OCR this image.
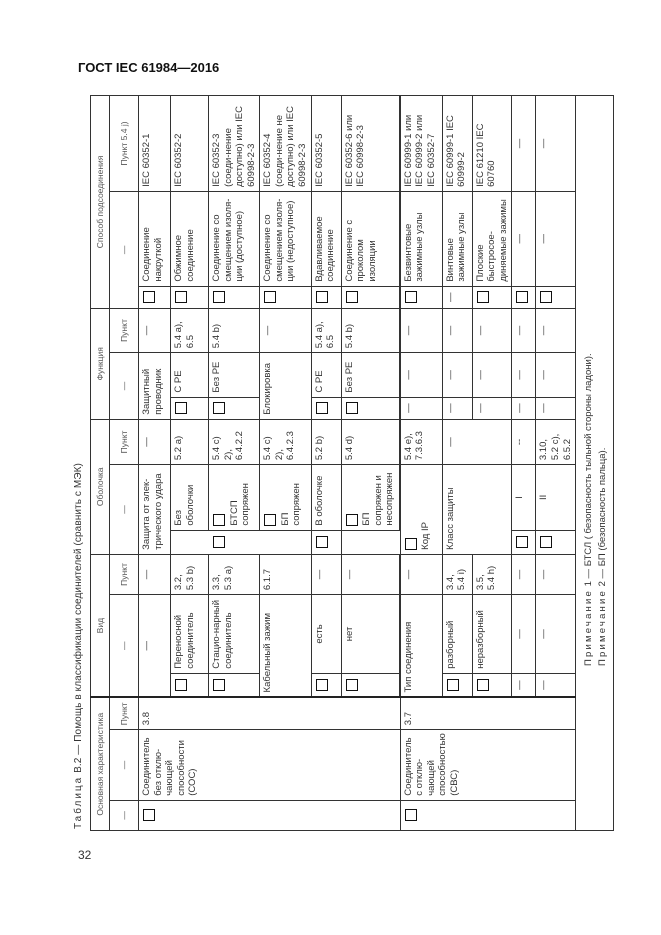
ГОСТ IEC 61984—2016
32
Таблица В.2 — Помощь в классификации соединителей (сравнить с МЭК)	Основная характеристика			Вид			Оболочка			Функция			Способ подсоединения		
—	—	Пункт	—		Пункт	—		Пункт	—		Пункт	—		Пункт 5.4 j)
	Соединитель без отклю-чающей способности (СОС)	3.8	—		—	Защита от элек-трического удара		—	Защитный проводник		—		Соединение накруткой	IEC 60352-1
				Переносной соединитель	3.2, 5.3 b)		Без оболочки	5.2 a)		С РЕ	5.4 a), 6.5		Обжимное соединение	IEC 60352-2
				Стацио-нарный соединитель	3.3, 5.3 a)		БТСП сопряжен	5.4 c) 2), 6.4.2.2		Без РЕ	5.4 b)		Соединение со смещением изоля-ции (доступное)	IEC 60352-3 (соеди-нение доступно) или IEC 60998-2-3
			Кабельный зажим		6.1.7		БП сопряжен	5.4 c) 2), 6.4.2.3	Блокировка		—		Соединение со смещением изоля-ции (недоступное)	IEC 60352-4 (соеди-нение не доступно) или IEC 60998-2-3
				есть	—		В оболочке	5.2 b)		С РЕ	5.4 a), 6.5		Вдавливаемое соединение	IEC 60352-5
				нет	—		БП сопряжен и несопряжен	5.4 d)		Без РЕ	5.4 b)		Соединение с проколом изоляции	IEC 60352-6 или IEC 60998-2-3

	Соединитель с отклю-чающей способностью (СВС)	3.7	Тип соединения		—	Код IP		5.4 e), 7.3.6.3	—	—	—		Безвинтовые зажимные узлы	IEC 60999-1 или IEC 60999-2 или IEC 60352-7
				разборный	3.4, 5.4 i)	Класс защиты		—	—	—	—	—	Винтовые зажимные узлы	IEC 60999-1 IEC 60999-2
				неразборный	3.5, 5.4 h)				—	—	—		Плоские быстросое-диняемые зажимы	IEC 61210 IEC 60760
			—	—	—		I	--	—	—	—		—	—
			—	—	—		II	3.10, 5.2 c), 6.5.2	—	—	—		—	—
Примечание 1 — БТСЛ ( безопасность тыльной стороны ладони).
Примечание 2 — БП (безопасность пальца).
